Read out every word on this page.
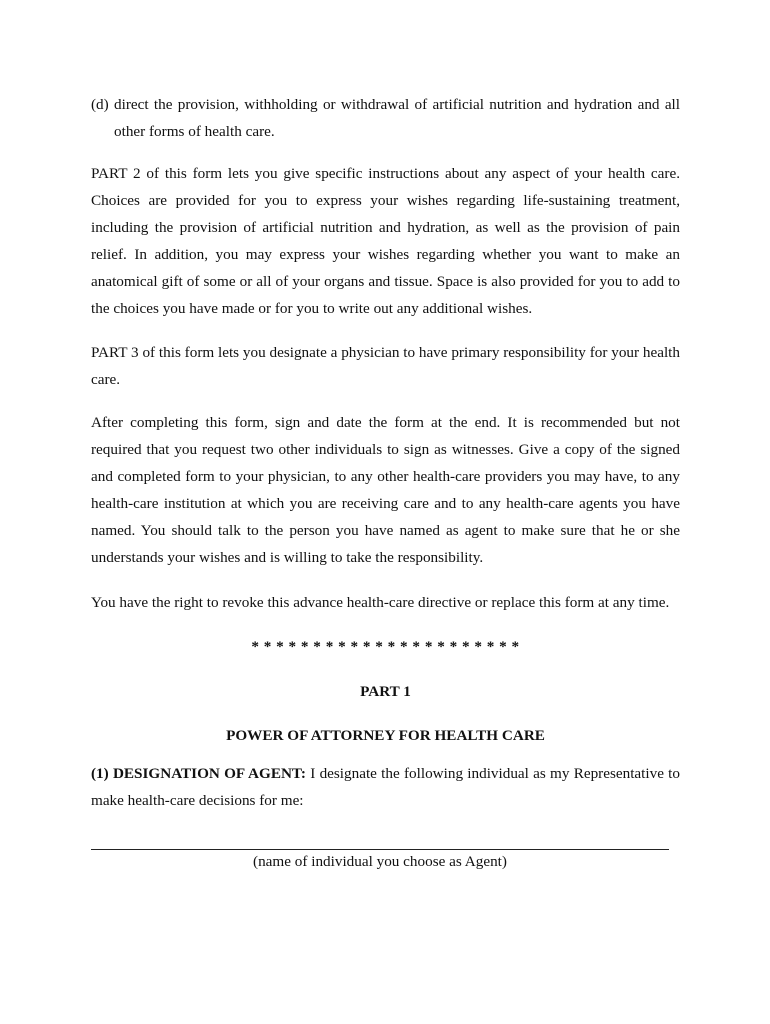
(d) direct the provision, withholding or withdrawal of artificial nutrition and hydration and all other forms of health care.

PART 2 of this form lets you give specific instructions about any aspect of your health care. Choices are provided for you to express your wishes regarding life-sustaining treatment, including the provision of artificial nutrition and hydration, as well as the provision of pain relief. In addition, you may express your wishes regarding whether you want to make an anatomical gift of some or all of your organs and tissue. Space is also provided for you to add to the choices you have made or for you to write out any additional wishes.

PART 3 of this form lets you designate a physician to have primary responsibility for your health care.

After completing this form, sign and date the form at the end. It is recommended but not required that you request two other individuals to sign as witnesses. Give a copy of the signed and completed form to your physician, to any other health-care providers you may have, to any health-care institution at which you are receiving care and to any health-care agents you have named. You should talk to the person you have named as agent to make sure that he or she understands your wishes and is willing to take the responsibility.

You have the right to revoke this advance health-care directive or replace this form at any time.

* * * * * * * * * * * * * * * * * * * * * *

PART 1

POWER OF ATTORNEY FOR HEALTH CARE

(1) DESIGNATION OF AGENT: I designate the following individual as my Representative to make health-care decisions for me:

(name of individual you choose as Agent)
